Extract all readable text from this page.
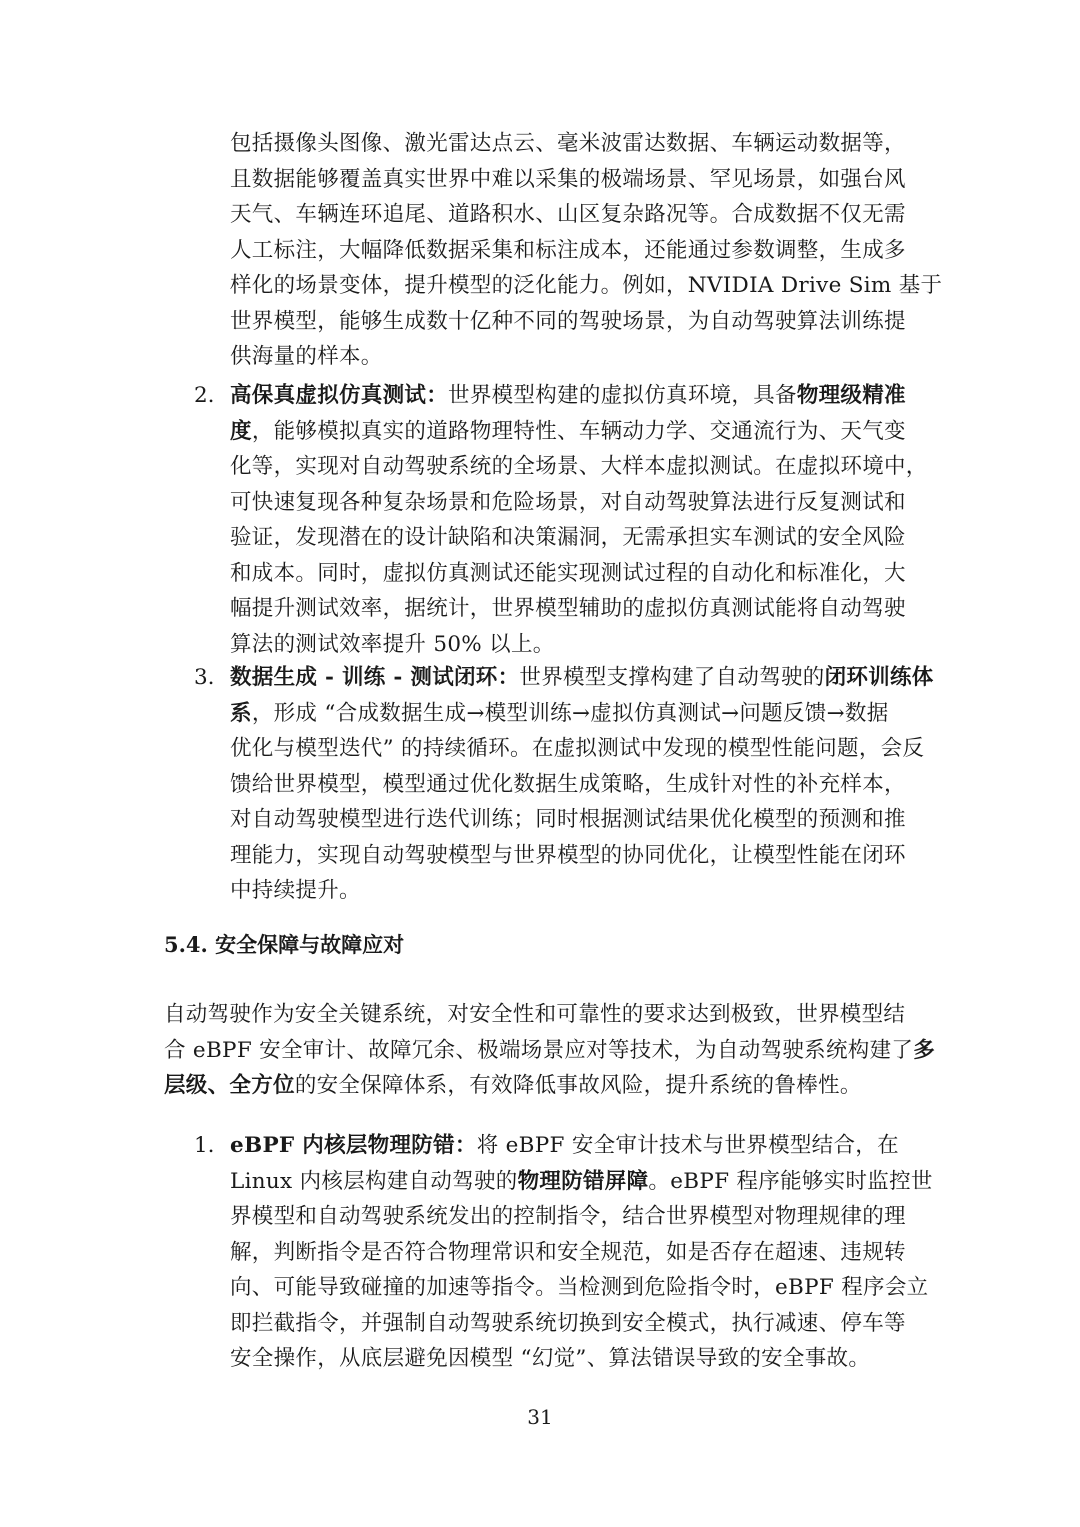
包括摄像头图像、激光雷达点云、毫米波雷达数据、车辆运动数据等，
且数据能够覆盖真实世界中难以采集的极端场景、罕见场景，如强台风
天气、车辆连环追尾、道路积水、山区复杂路况等。合成数据不仅无需
人工标注，大幅降低数据采集和标注成本，还能通过参数调整，生成多
样化的场景变体，提升模型的泛化能力。例如，NVIDIA Drive Sim 基于
世界模型，能够生成数十亿种不同的驾驶场景，为自动驾驶算法训练提
供海量的样本。
2. 高保真虚拟仿真测试：世界模型构建的虚拟仿真环境，具备物理级精准
度，能够模拟真实的道路物理特性、车辆动力学、交通流行为、天气变
化等，实现对自动驾驶系统的全场景、大样本虚拟测试。在虚拟环境中，
可快速复现各种复杂场景和危险场景，对自动驾驶算法进行反复测试和
验证，发现潜在的设计缺陷和决策漏洞，无需承担实车测试的安全风险
和成本。同时，虚拟仿真测试还能实现测试过程的自动化和标准化，大
幅提升测试效率，据统计，世界模型辅助的虚拟仿真测试能将自动驾驶
算法的测试效率提升 50% 以上。
3. 数据生成 - 训练 - 测试闭环：世界模型支撑构建了自动驾驶的闭环训练体
系，形成 “合成数据生成→模型训练→虚拟仿真测试→问题反馈→数据
优化与模型迭代” 的持续循环。在虚拟测试中发现的模型性能问题，会反
馈给世界模型，模型通过优化数据生成策略，生成针对性的补充样本，
对自动驾驶模型进行迭代训练；同时根据测试结果优化模型的预测和推
理能力，实现自动驾驶模型与世界模型的协同优化，让模型性能在闭环
中持续提升。
5.4. 安全保障与故障应对
自动驾驶作为安全关键系统，对安全性和可靠性的要求达到极致，世界模型结
合 eBPF 安全审计、故障冗余、极端场景应对等技术，为自动驾驶系统构建了多
层级、全方位的安全保障体系，有效降低事故风险，提升系统的鲁棒性。
1. eBPF 内核层物理防错：将 eBPF 安全审计技术与世界模型结合，在
Linux 内核层构建自动驾驶的物理防错屏障。eBPF 程序能够实时监控世
界模型和自动驾驶系统发出的控制指令，结合世界模型对物理规律的理
解，判断指令是否符合物理常识和安全规范，如是否存在超速、违规转
向、可能导致碰撞的加速等指令。当检测到危险指令时，eBPF 程序会立
即拦截指令，并强制自动驾驶系统切换到安全模式，执行减速、停车等
安全操作，从底层避免因模型 “幻觉”、算法错误导致的安全事故。
31
